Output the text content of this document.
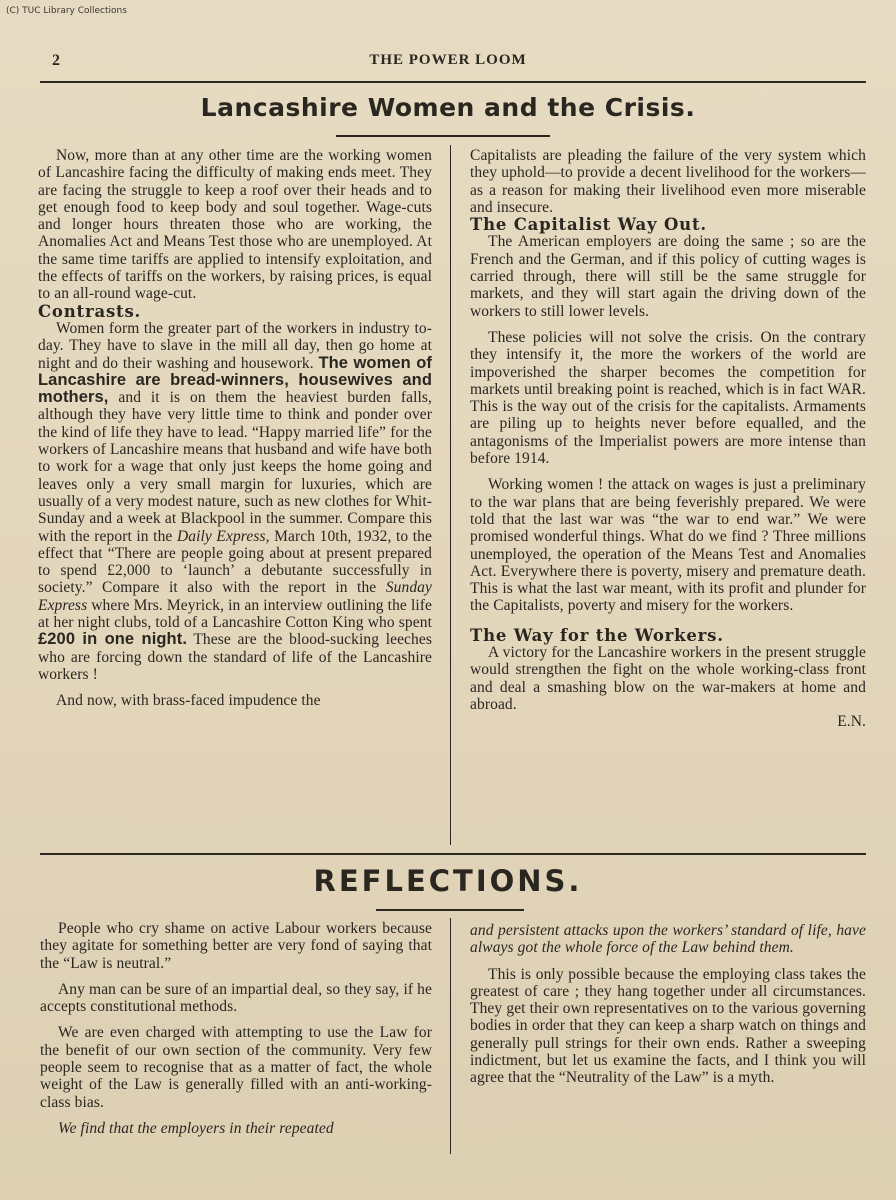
(C) TUC Library Collections
2	THE POWER LOOM
Lancashire Women and the Crisis.

Now, more than at any other time are the working women of Lancashire facing the difficulty of making ends meet. They are facing the struggle to keep a roof over their heads and to get enough food to keep body and soul together. Wage-cuts and longer hours threaten those who are working, the Anomalies Act and Means Test those who are unemployed. At the same time tariffs are applied to intensify exploitation, and the effects of tariffs on the workers, by raising prices, is equal to an all-round wage-cut.

Contrasts.

Women form the greater part of the workers in industry to-day. They have to slave in the mill all day, then go home at night and do their washing and housework. The women of Lancashire are bread-winners, housewives and mothers, and it is on them the heaviest burden falls, although they have very little time to think and ponder over the kind of life they have to lead. “Happy married life” for the workers of Lancashire means that husband and wife have both to work for a wage that only just keeps the home going and leaves only a very small margin for luxuries, which are usually of a very modest nature, such as new clothes for Whit-Sunday and a week at Blackpool in the summer. Compare this with the report in the Daily Express, March 10th, 1932, to the effect that “There are people going about at present prepared to spend £2,000 to ‘launch’ a debutante successfully in society.” Compare it also with the report in the Sunday Express where Mrs. Meyrick, in an interview outlining the life at her night clubs, told of a Lancashire Cotton King who spent £200 in one night. These are the blood-sucking leeches who are forcing down the standard of life of the Lancashire workers !

And now, with brass-faced impudence the

Capitalists are pleading the failure of the very system which they uphold—to provide a decent livelihood for the workers—as a reason for making their livelihood even more miserable and insecure.

The Capitalist Way Out.

The American employers are doing the same ; so are the French and the German, and if this policy of cutting wages is carried through, there will still be the same struggle for markets, and they will start again the driving down of the workers to still lower levels.

These policies will not solve the crisis. On the contrary they intensify it, the more the workers of the world are impoverished the sharper becomes the competition for markets until breaking point is reached, which is in fact WAR. This is the way out of the crisis for the capitalists. Armaments are piling up to heights never before equalled, and the antagonisms of the Imperialist powers are more intense than before 1914.

Working women ! the attack on wages is just a preliminary to the war plans that are being feverishly prepared. We were told that the last war was “the war to end war.” We were promised wonderful things. What do we find ? Three millions unemployed, the operation of the Means Test and Anomalies Act. Everywhere there is poverty, misery and premature death. This is what the last war meant, with its profit and plunder for the Capitalists, poverty and misery for the workers.

The Way for the Workers.

A victory for the Lancashire workers in the present struggle would strengthen the fight on the whole working-class front and deal a smashing blow on the war-makers at home and abroad.

E.N.

REFLECTIONS.

People who cry shame on active Labour workers because they agitate for something better are very fond of saying that the “Law is neutral.”

Any man can be sure of an impartial deal, so they say, if he accepts constitutional methods.

We are even charged with attempting to use the Law for the benefit of our own section of the community. Very few people seem to recognise that as a matter of fact, the whole weight of the Law is generally filled with an anti-working-class bias.

We find that the employers in their repeated

and persistent attacks upon the workers’ standard of life, have always got the whole force of the Law behind them.

This is only possible because the employing class takes the greatest of care ; they hang together under all circumstances. They get their own representatives on to the various governing bodies in order that they can keep a sharp watch on things and generally pull strings for their own ends. Rather a sweeping indictment, but let us examine the facts, and I think you will agree that the “Neutrality of the Law” is a myth.
